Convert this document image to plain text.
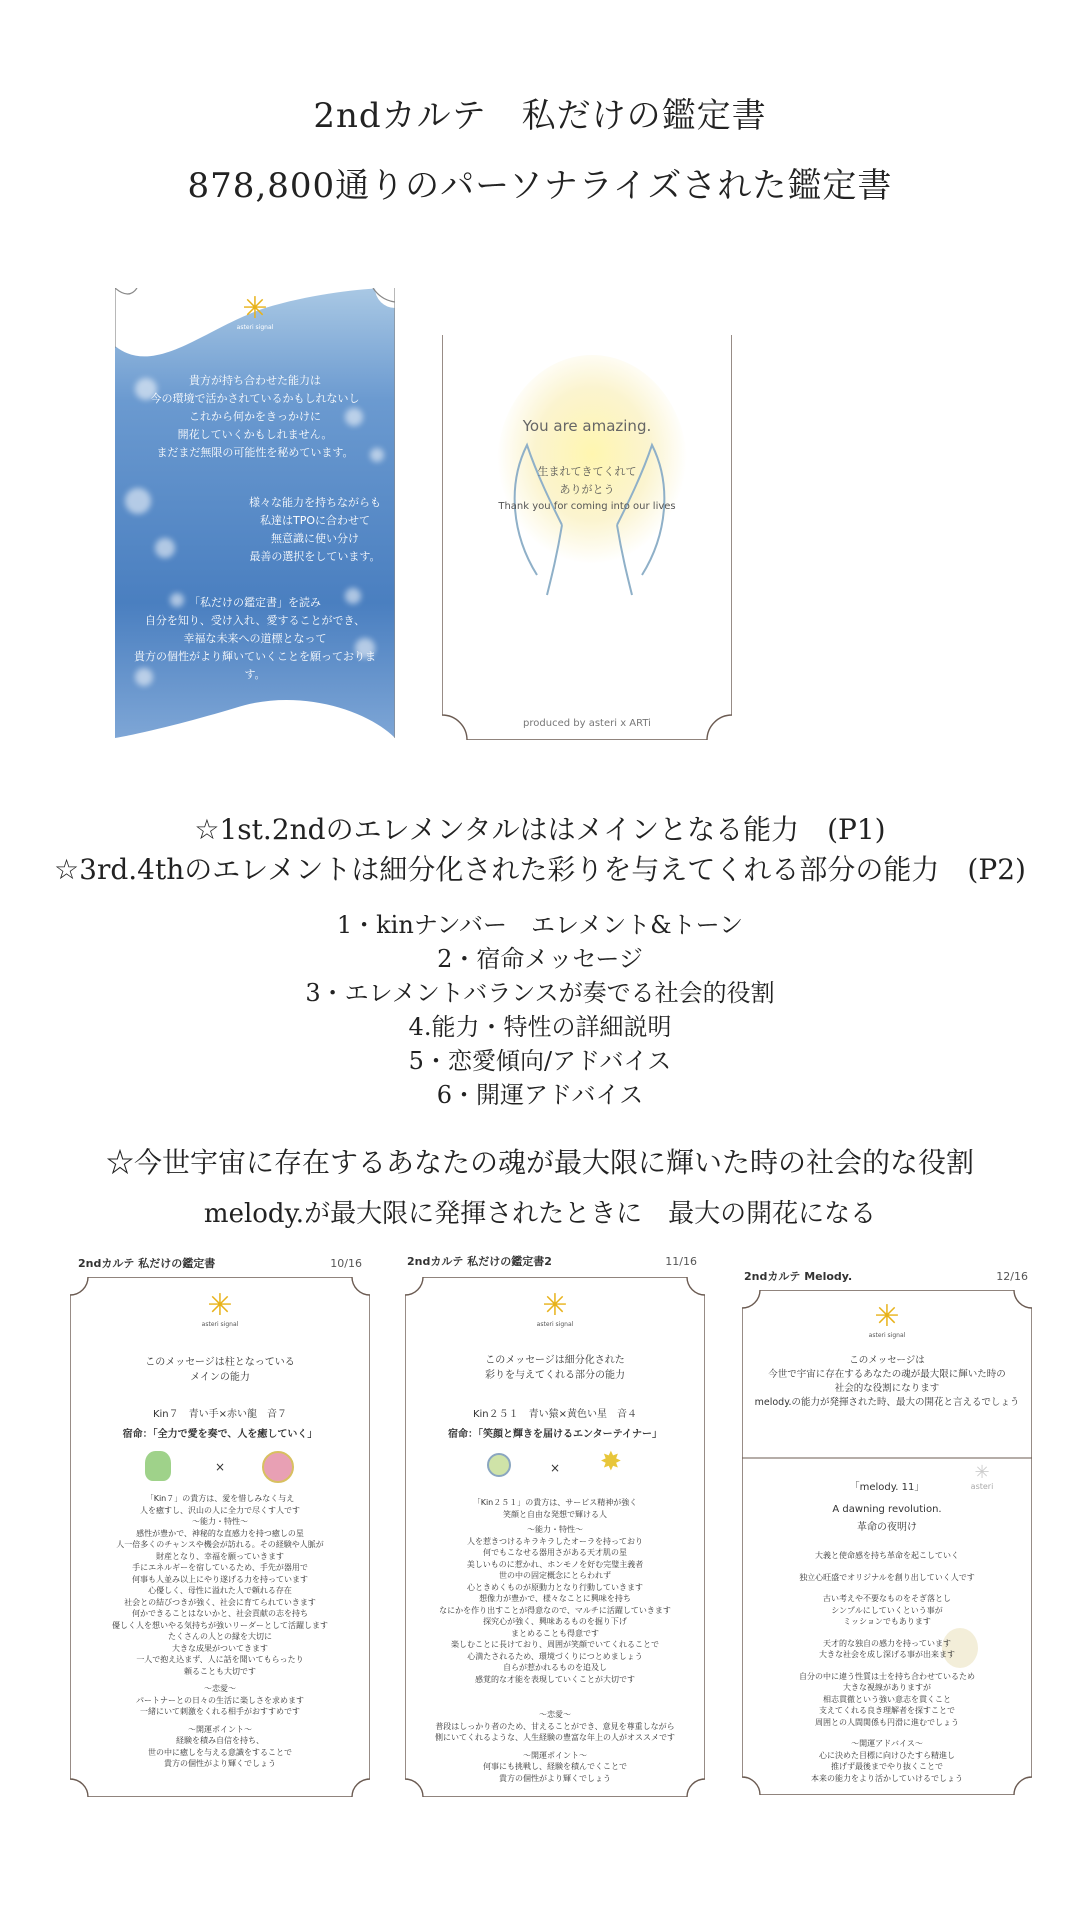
2ndカルテ　私だけの鑑定書
878,800通りのパーソナライズされた鑑定書
✳
asteri signal
貴方が持ち合わせた能力は
今の環境で活かされているかもしれないし
これから何かをきっかけに
開花していくかもしれません。
まだまだ無限の可能性を秘めています。
様々な能力を持ちながらも
私達はTPOに合わせて
無意識に使い分け
最善の選択をしています。
「私だけの鑑定書」を読み
自分を知り、受け入れ、愛することができ、
幸福な未来への道標となって
貴方の個性がより輝いていくことを願っておりま
す。
愛を込めて
You are amazing.
生まれてきてくれて
ありがとう
Thank you for coming into our lives
produced by asteri x ARTi
☆1st.2ndのエレメンタルははメインとなる能力　(P1)
☆3rd.4thのエレメントは細分化された彩りを与えてくれる部分の能力　(P2)
1・kinナンバー　エレメント&トーン
2・宿命メッセージ
3・エレメントバランスが奏でる社会的役割
4.能力・特性の詳細説明
5・恋愛傾向/アドバイス
6・開運アドバイス
☆今世宇宙に存在するあなたの魂が最大限に輝いた時の社会的な役割
melody.が最大限に発揮されたときに　最大の開花になる
2ndカルテ 私だけの鑑定書	10/16
✳
asteri signal
このメッセージは柱となっている
メインの能力
Kin７　青い手×赤い龍　音７
宿命：「全力で愛を奏で、人を癒していく」
×
「Kin７」の貴方は、愛を惜しみなく与え
人を癒すし、沢山の人に全力で尽くす人です
〜能力・特性〜
感性が豊かで、神秘的な直感力を持つ癒しの星
人一倍多くのチャンスや機会が訪れる。その経験や人脈が
財産となり、幸福を願っていきます
手にエネルギーを宿しているため、手先が器用で
何事も人並み以上にやり遂げる力を持っています
心優しく、母性に溢れた人で頼れる存在
社会との結びつきが強く、社会に育てられていきます
何かできることはないかと、社会貢献の志を持ち
優しく人を想いやる気持ちが強いリーダーとして活躍します
たくさんの人との縁を大切に
大きな成果がついてきます
一人で抱え込まず、人に話を聞いてもらったり
頼ることも大切です
〜恋愛〜
パートナーとの日々の生活に楽しさを求めます
一緒にいて刺激をくれる相手がおすすめです
〜開運ポイント〜
経験を積み自信を持ち、
世の中に癒しを与える意識をすることで
貴方の個性がより輝くでしょう
2ndカルテ 私だけの鑑定書2	11/16
✳
asteri signal
このメッセージは細分化された
彩りを与えてくれる部分の能力
Kin２５１　青い猿×黄色い星　音４
宿命：「笑顔と輝きを届けるエンターテイナー」
×	✸
「Kin２５１」の貴方は、サービス精神が強く
笑顔と自由な発想で輝ける人
〜能力・特性〜
人を惹きつけるキラキラしたオーラを持っており
何でもこなせる器用さがある天才肌の星
美しいものに惹かれ、ホンモノを好む完璧主義者
世の中の固定概念にとらわれず
心ときめくものが原動力となり行動していきます
想像力が豊かで、様々なことに興味を持ち
なにかを作り出すことが得意なので、マルチに活躍していきます
探究心が強く、興味あるものを掘り下げ
まとめることも得意です
楽しむことに長けており、周囲が笑顔でいてくれることで
心満たされるため、環境づくりにつとめましょう
自らが惹かれるものを追及し
感覚的な才能を表現していくことが大切です
〜恋愛〜
普段はしっかり者のため、甘えることができ、意見を尊重しながら
側にいてくれるような、人生経験の豊富な年上の人がオススメです
〜開運ポイント〜
何事にも挑戦し、経験を積んでくことで
貴方の個性がより輝くでしょう
2ndカルテ Melody.	12/16
✳
asteri signal
このメッセージは
今世で宇宙に存在するあなたの魂が最大限に輝いた時の
社会的な役割になります
melody.の能力が発揮された時、最大の開花と言えるでしょう
「melody. 11」
✳
asteri
A dawning revolution.
革命の夜明け
大義と使命感を持ち革命を起こしていく
独立心旺盛でオリジナルを創り出していく人です
古い考えや不要なものをそぎ落とし
シンプルにしていくという事が
ミッションでもあります
天才的な独自の感力を持っています
大きな社会を成し深げる事が出来ます
自分の中に違う性質は士を持ち合わせているため
大きな視線がありますが
相志貫徹という強い意志を貫くこと
支えてくれる良き理解者を探すことで
周囲との人間関係も円滑に進むでしょう
〜開運アドバイス〜
心に決めた目標に向けひたすら精進し
推げず最後までやり抜くことで
本来の能力をより活かしていけるでしょう
